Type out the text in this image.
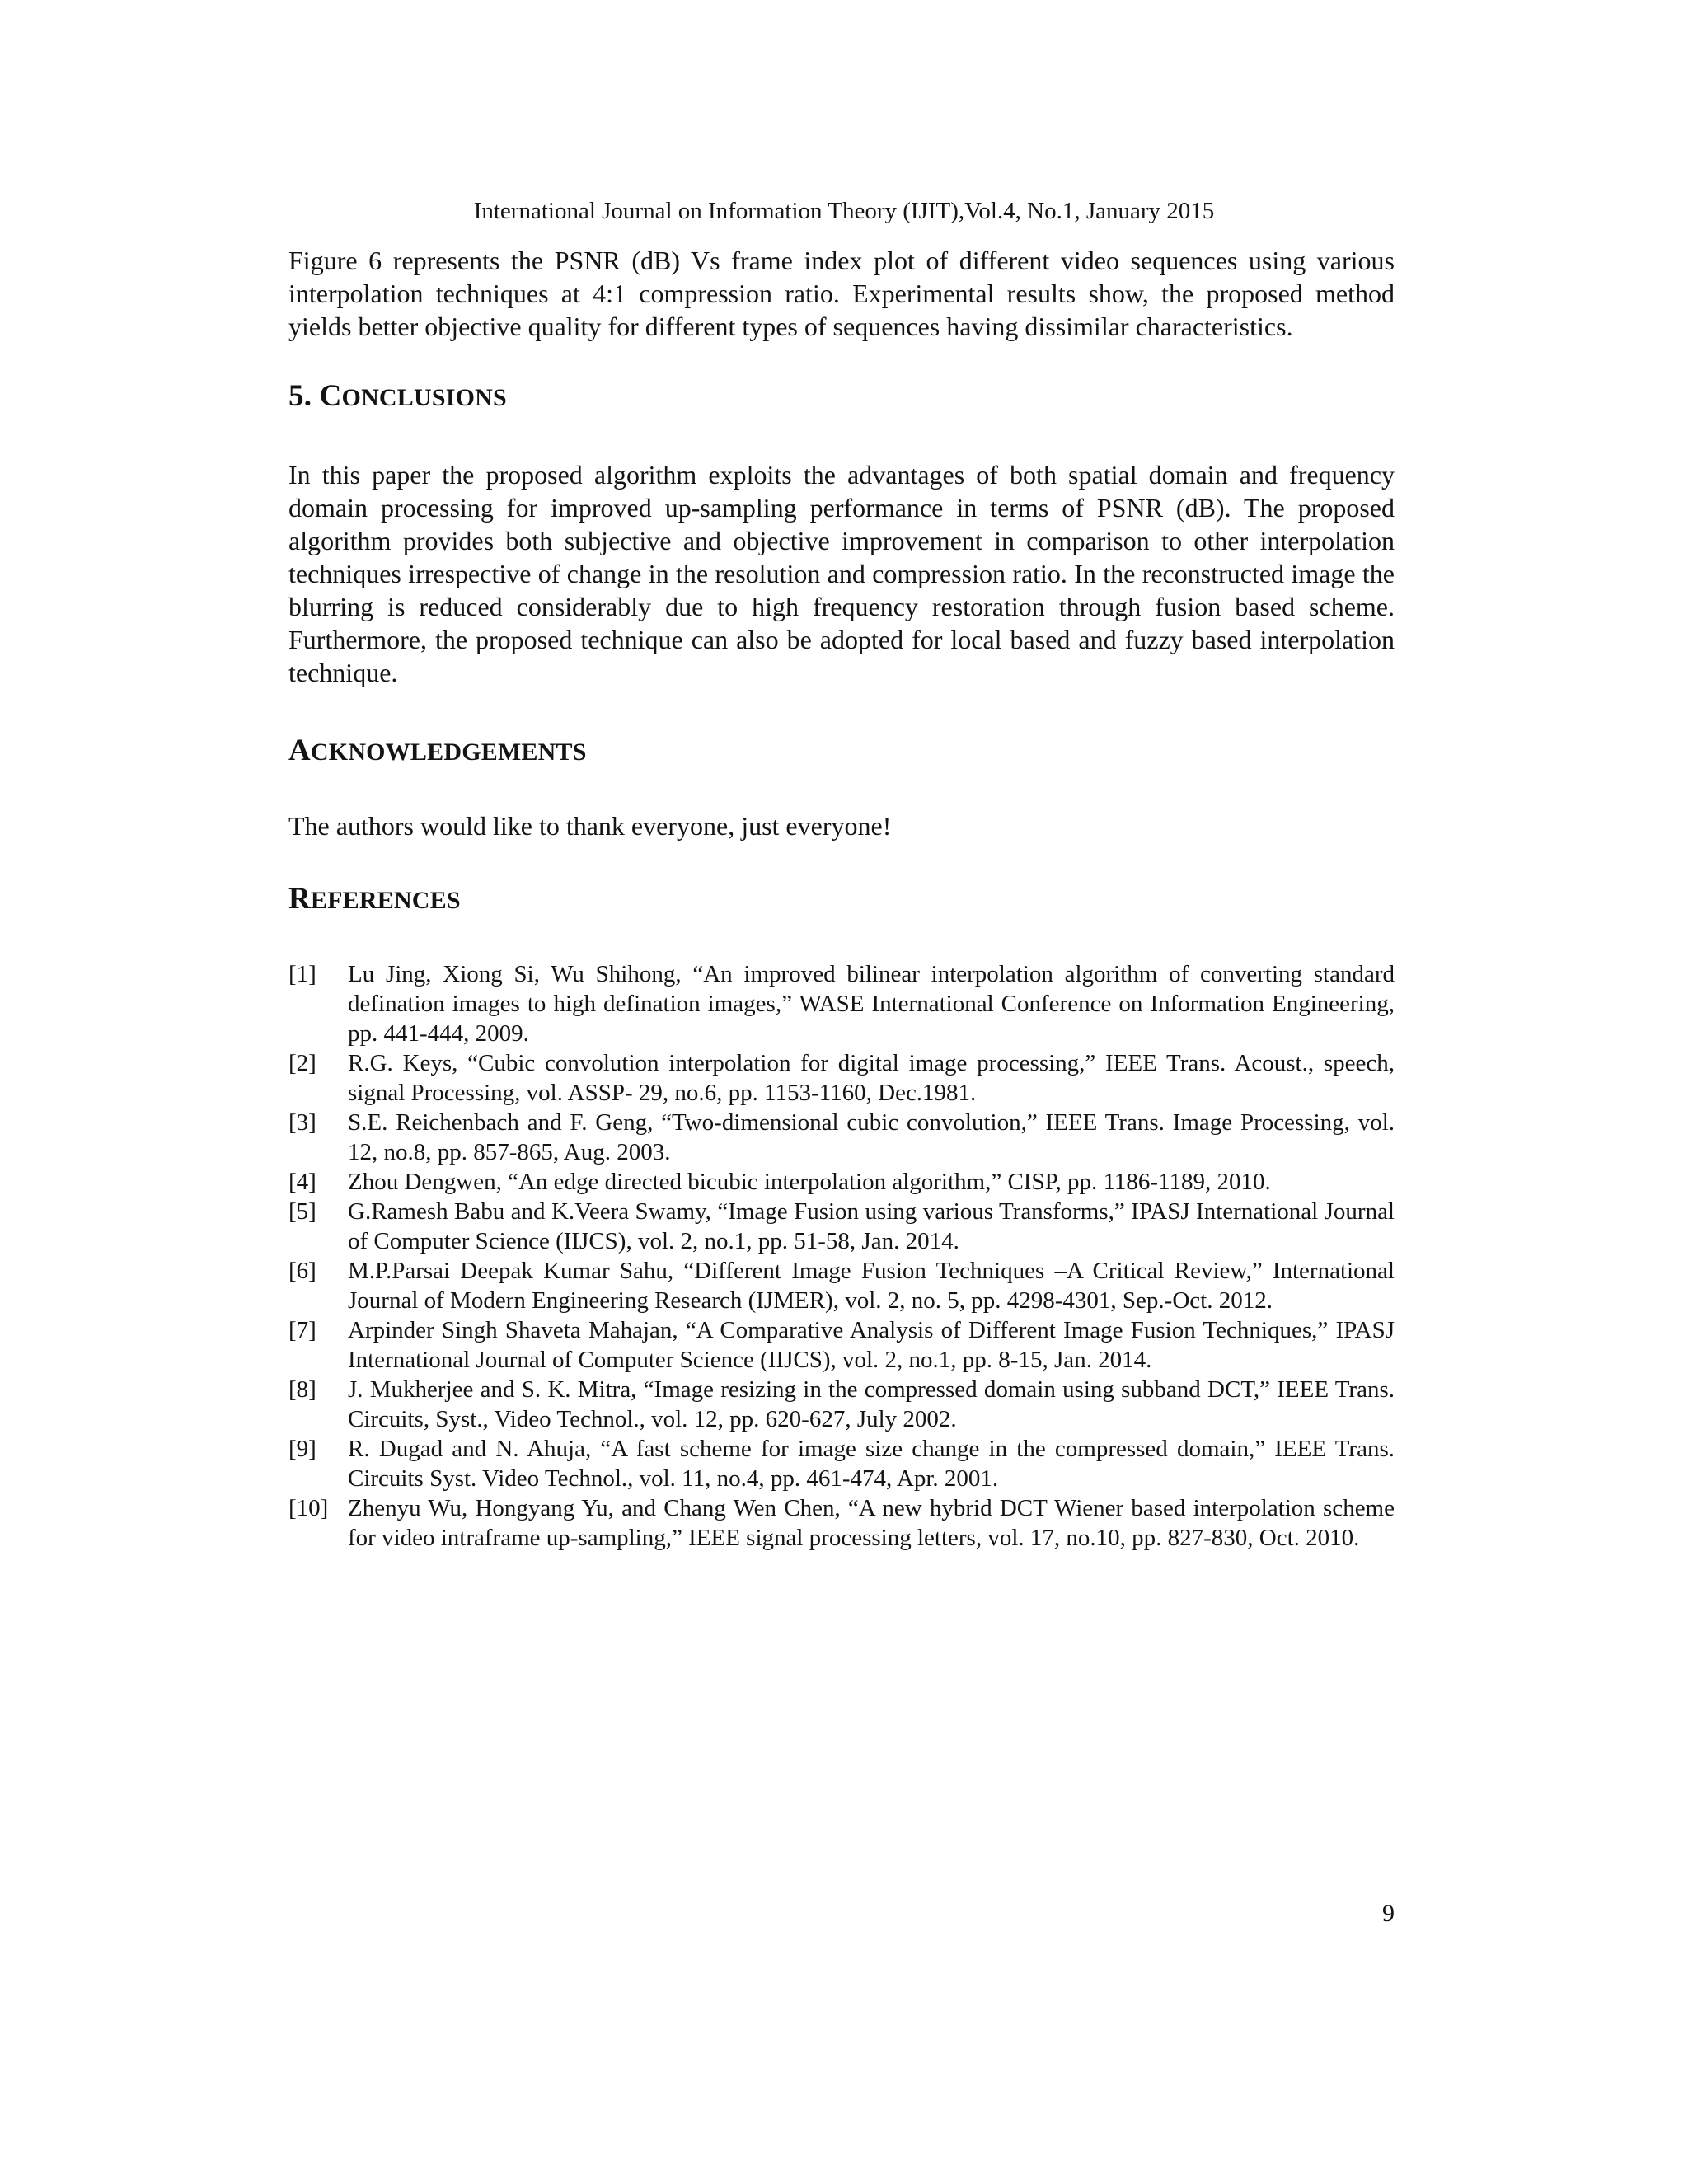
International Journal on Information Theory (IJIT),Vol.4, No.1, January 2015

Figure 6 represents the PSNR (dB) Vs frame index plot of different video sequences using various interpolation techniques at 4:1 compression ratio. Experimental results show, the proposed method yields better objective quality for different types of sequences having dissimilar characteristics.

5. CONCLUSIONS

In this paper the proposed algorithm exploits the advantages of both spatial domain and frequency domain processing for improved up-sampling performance in terms of PSNR (dB). The proposed algorithm provides both subjective and objective improvement in comparison to other interpolation techniques irrespective of change in the resolution and compression ratio. In the reconstructed image the blurring is reduced considerably due to high frequency restoration through fusion based scheme. Furthermore, the proposed technique can also be adopted for local based and fuzzy based interpolation technique.

ACKNOWLEDGEMENTS

The authors would like to thank everyone, just everyone!

REFERENCES
[1]	Lu Jing, Xiong Si, Wu Shihong, “An improved bilinear interpolation algorithm of converting standard defination images to high defination images,” WASE International Conference on Information Engineering, pp. 441-444, 2009.
[2]	R.G. Keys, “Cubic convolution interpolation for digital image processing,” IEEE Trans. Acoust., speech, signal Processing, vol. ASSP- 29, no.6, pp. 1153-1160, Dec.1981.
[3]	S.E. Reichenbach and F. Geng, “Two-dimensional cubic convolution,” IEEE Trans. Image Processing, vol. 12, no.8, pp. 857-865, Aug. 2003.
[4]	Zhou Dengwen, “An edge directed bicubic interpolation algorithm,” CISP, pp. 1186-1189, 2010.
[5]	G.Ramesh Babu and K.Veera Swamy, “Image Fusion using various Transforms,” IPASJ International Journal of Computer Science (IIJCS), vol. 2, no.1, pp. 51-58, Jan. 2014.
[6]	M.P.Parsai Deepak Kumar Sahu, “Different Image Fusion Techniques –A Critical Review,” International Journal of Modern Engineering Research (IJMER), vol. 2, no. 5, pp. 4298-4301, Sep.-Oct. 2012.
[7]	Arpinder Singh Shaveta Mahajan, “A Comparative Analysis of Different Image Fusion Techniques,” IPASJ International Journal of Computer Science (IIJCS), vol. 2, no.1, pp. 8-15, Jan. 2014.
[8]	J. Mukherjee and S. K. Mitra, “Image resizing in the compressed domain using subband DCT,” IEEE Trans. Circuits, Syst., Video Technol., vol. 12, pp. 620-627, July 2002.
[9]	R. Dugad and N. Ahuja, “A fast scheme for image size change in the compressed domain,” IEEE Trans. Circuits Syst. Video Technol., vol. 11, no.4, pp. 461-474, Apr. 2001.
[10] Zhenyu Wu, Hongyang Yu, and Chang Wen Chen, “A new hybrid DCT Wiener based interpolation scheme for video intraframe up-sampling,” IEEE signal processing letters, vol. 17, no.10, pp. 827-830, Oct. 2010.
9
